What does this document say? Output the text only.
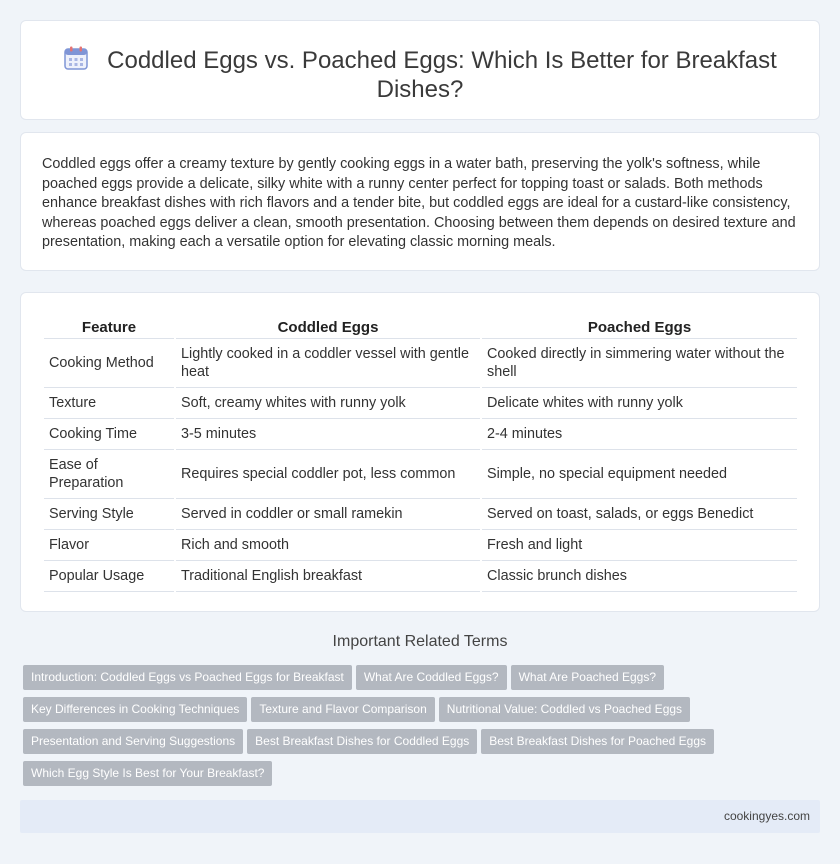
Coddled Eggs vs. Poached Eggs: Which Is Better for Breakfast Dishes?

Coddled eggs offer a creamy texture by gently cooking eggs in a water bath, preserving the yolk's softness, while poached eggs provide a delicate, silky white with a runny center perfect for topping toast or salads. Both methods enhance breakfast dishes with rich flavors and a tender bite, but coddled eggs are ideal for a custard-like consistency, whereas poached eggs deliver a clean, smooth presentation. Choosing between them depends on desired texture and presentation, making each a versatile option for elevating classic morning meals.

Feature	Coddled Eggs	Poached Eggs
Cooking Method	Lightly cooked in a coddler vessel with gentle heat	Cooked directly in simmering water without the shell
Texture	Soft, creamy whites with runny yolk	Delicate whites with runny yolk
Cooking Time	3-5 minutes	2-4 minutes
Ease of Preparation	Requires special coddler pot, less common	Simple, no special equipment needed
Serving Style	Served in coddler or small ramekin	Served on toast, salads, or eggs Benedict
Flavor	Rich and smooth	Fresh and light
Popular Usage	Traditional English breakfast	Classic brunch dishes
Important Related Terms
Introduction: Coddled Eggs vs Poached Eggs for Breakfast What Are Coddled Eggs? What Are Poached Eggs?
Key Differences in Cooking Techniques Texture and Flavor Comparison Nutritional Value: Coddled vs Poached Eggs
Presentation and Serving Suggestions Best Breakfast Dishes for Coddled Eggs Best Breakfast Dishes for Poached Eggs
Which Egg Style Is Best for Your Breakfast?
cookingyes.com
